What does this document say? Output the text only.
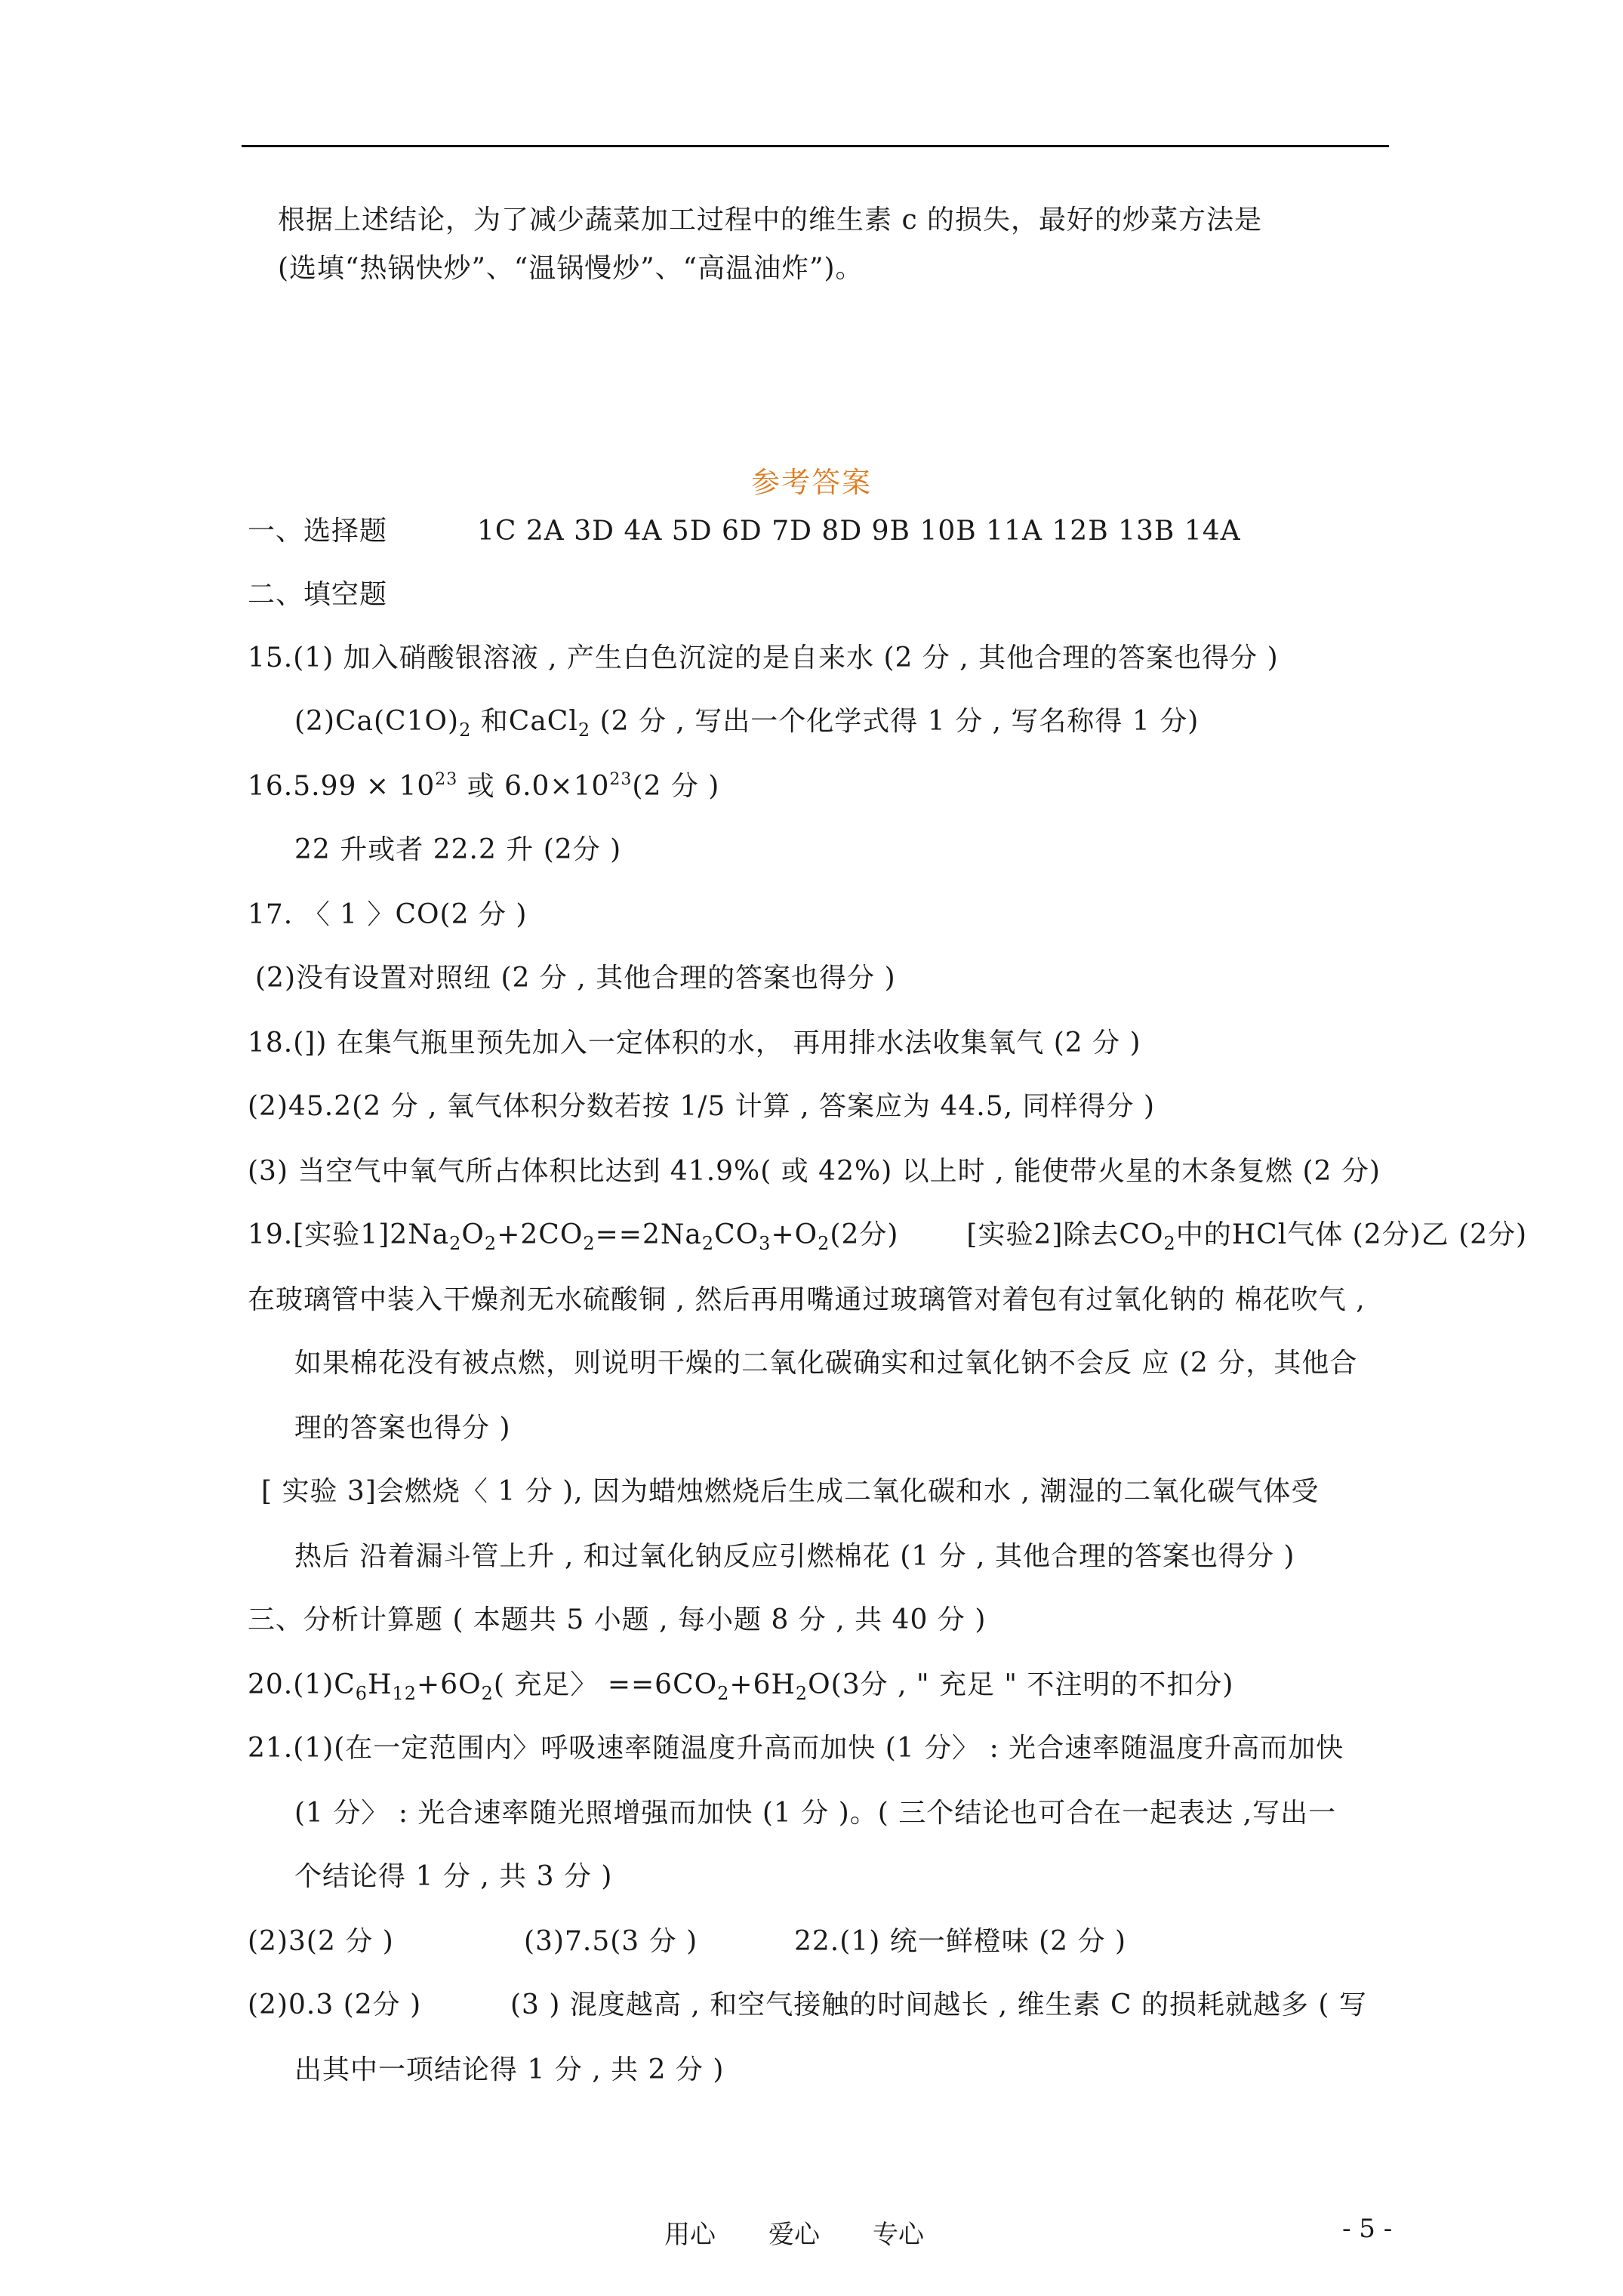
根据上述结论，为了减少蔬菜加工过程中的维生素 c 的损失，最好的炒菜方法是
(选填“热锅快炒”、“温锅慢炒”、“高温油炸”)。
参考答案
一、选择题	1C 2A 3D 4A 5D 6D 7D 8D 9B 10B 11A 12B 13B 14A
二、填空题
15.(1) 加入硝酸银溶液 , 产生白色沉淀的是自来水 (2 分 , 其他合理的答案也得分 )
$(2)Ca(C1O)_2$ 和CaCl$_2$ (2 分 , 写出一个化学式得 1 分 , 写名称得 1 分)
$16.5.99 \times 10^{23}$ 或 $6.0\times 10^{23}(2$ 分 )
22 升或者 22.2 升 (2分 )
17. 〈 1 〉CO(2 分 )
(2)没有设置对照纽 (2 分 , 其他合理的答案也得分 )
18.(]) 在集气瓶里预先加入一定体积的水， 再用排水法收集氧气 (2 分 )
(2)45.2(2 分 , 氧气体积分数若按 1/5 计算 , 答案应为 44.5, 同样得分 )
(3) 当空气中氧气所占体积比达到 41.9%( 或 42%) 以上时 , 能使带火星的木条复燃 (2 分)
19.[实验$1]2Na_2O_2+2CO_2==2Na_2CO_3+O_2(2$分)	[实验2]除去$CO_2$中的HCl气体 (2分)乙 (2分)
在玻璃管中装入干燥剂无水硫酸铜 , 然后再用嘴通过玻璃管对着包有过氧化钠的 棉花吹气 ,
如果棉花没有被点燃，则说明干燥的二氧化碳确实和过氧化钠不会反 应 (2 分，其他合
理的答案也得分 )
[ 实验 3]会燃烧〈 1 分 ), 因为蜡烛燃烧后生成二氧化碳和水 , 潮湿的二氧化碳气体受
热后 沿着漏斗管上升 , 和过氧化钠反应引燃棉花 (1 分 , 其他合理的答案也得分 )
三、分析计算题 ( 本题共 5 小题 , 每小题 8 分 , 共 40 分 )
$20.(1)C_6H_{12}+6O_2$( 充足〉 $==6CO_2+6H_2O(3$分 , " 充足 " 不注明的不扣分)
21.(1)(在一定范围内〉呼吸速率随温度升高而加快 (1 分〉 : 光合速率随温度升高而加快
(1 分〉 : 光合速率随光照增强而加快 (1 分 )。( 三个结论也可合在一起表达 ,写出一
个结论得 1 分 , 共 3 分 )
(2)3(2 分 )	(3)7.5(3 分 )	22.(1) 统一鲜橙味 (2 分 )
(2)0.3 (2分 )	(3 ) 混度越高 , 和空气接触的时间越长 , 维生素 C 的损耗就越多 ( 写
出其中一项结论得 1 分 , 共 2 分 )
用心 爱心 专心	- 5 -
